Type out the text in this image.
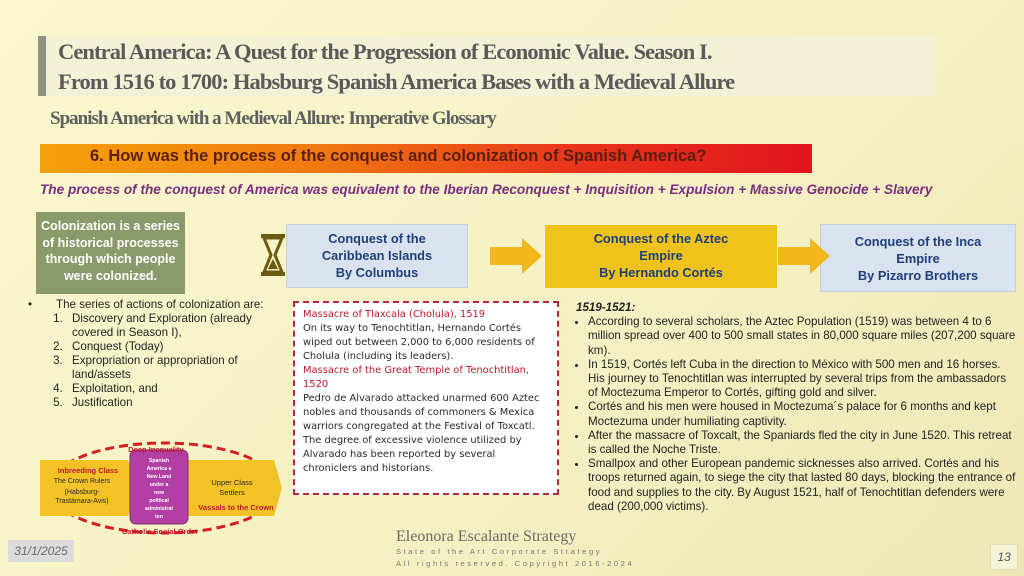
Central America: A Quest for the Progression of Economic Value. Season I.
From 1516 to 1700: Habsburg Spanish America Bases with a Medieval Allure
Spanish America with a Medieval Allure: Imperative Glossary
6. How was the process of the conquest and colonization of Spanish America?
The process of the conquest of America was equivalent to the Iberian Reconquest + Inquisition + Expulsion + Massive Genocide + Slavery
Colonization is a series of historical processes through which people were colonized.
Conquest of the
Caribbean Islands
By Columbus
Conquest of the Aztec
Empire
By Hernando Cortés
Conquest of the Inca
Empire
By Pizarro Brothers
•	The series of actions of colonization are:
1. Discovery and Exploration (already covered in Season I),
2. Conquest (Today)
3. Expropriation or appropriation of land/assets
4. Exploitation, and
5. Justification
Deep Inequality
Inbreeding Class
The Crown Rulers
(Habsburg-
Trastámara-Avis)
Spanish
America a
New Land
under a
new
political
administrat
ion
Upper Class
Settlers
Vassals to the Crown
Catholic Social Order
Massacre of Tlaxcala (Cholula), 1519
On its way to Tenochtitlan, Hernando Cortés wiped out between 2,000 to 6,000 residents of Cholula (including its leaders).
Massacre of the Great Temple of Tenochtitlan, 1520
Pedro de Alvarado attacked unarmed 600 Aztec nobles and thousands of commoners & Mexica warriors congregated at the Festival of Toxcatl. The degree of excessive violence utilized by Alvarado has been reported by several chroniclers and historians.
1519-1521:
• According to several scholars, the Aztec Population (1519) was between 4 to 6 million spread over 400 to 500 small states in 80,000 square miles (207,200 square km).
• In 1519, Cortés left Cuba in the direction to México with 500 men and 16 horses. His journey to Tenochtitlan was interrupted by several trips from the ambassadors of Moctezuma Emperor to Cortés, gifting gold and silver.
• Cortés and his men were housed in Moctezuma´s palace for 6 months and kept Moctezuma under humiliating captivity.
• After the massacre of Toxcalt, the Spaniards fled the city in June 1520. This retreat is called the Noche Triste.
• Smallpox and other European pandemic sicknesses also arrived. Cortés and his troops returned again, to siege the city that lasted 80 days, blocking the entrance of food and supplies to the city. By August 1521, half of Tenochtitlan defenders were dead (200,000 victims).
Eleonora Escalante Strategy
State of the Art Corporate Strategy
All rights reserved. Copyright 2016-2024
31/1/2025	13
